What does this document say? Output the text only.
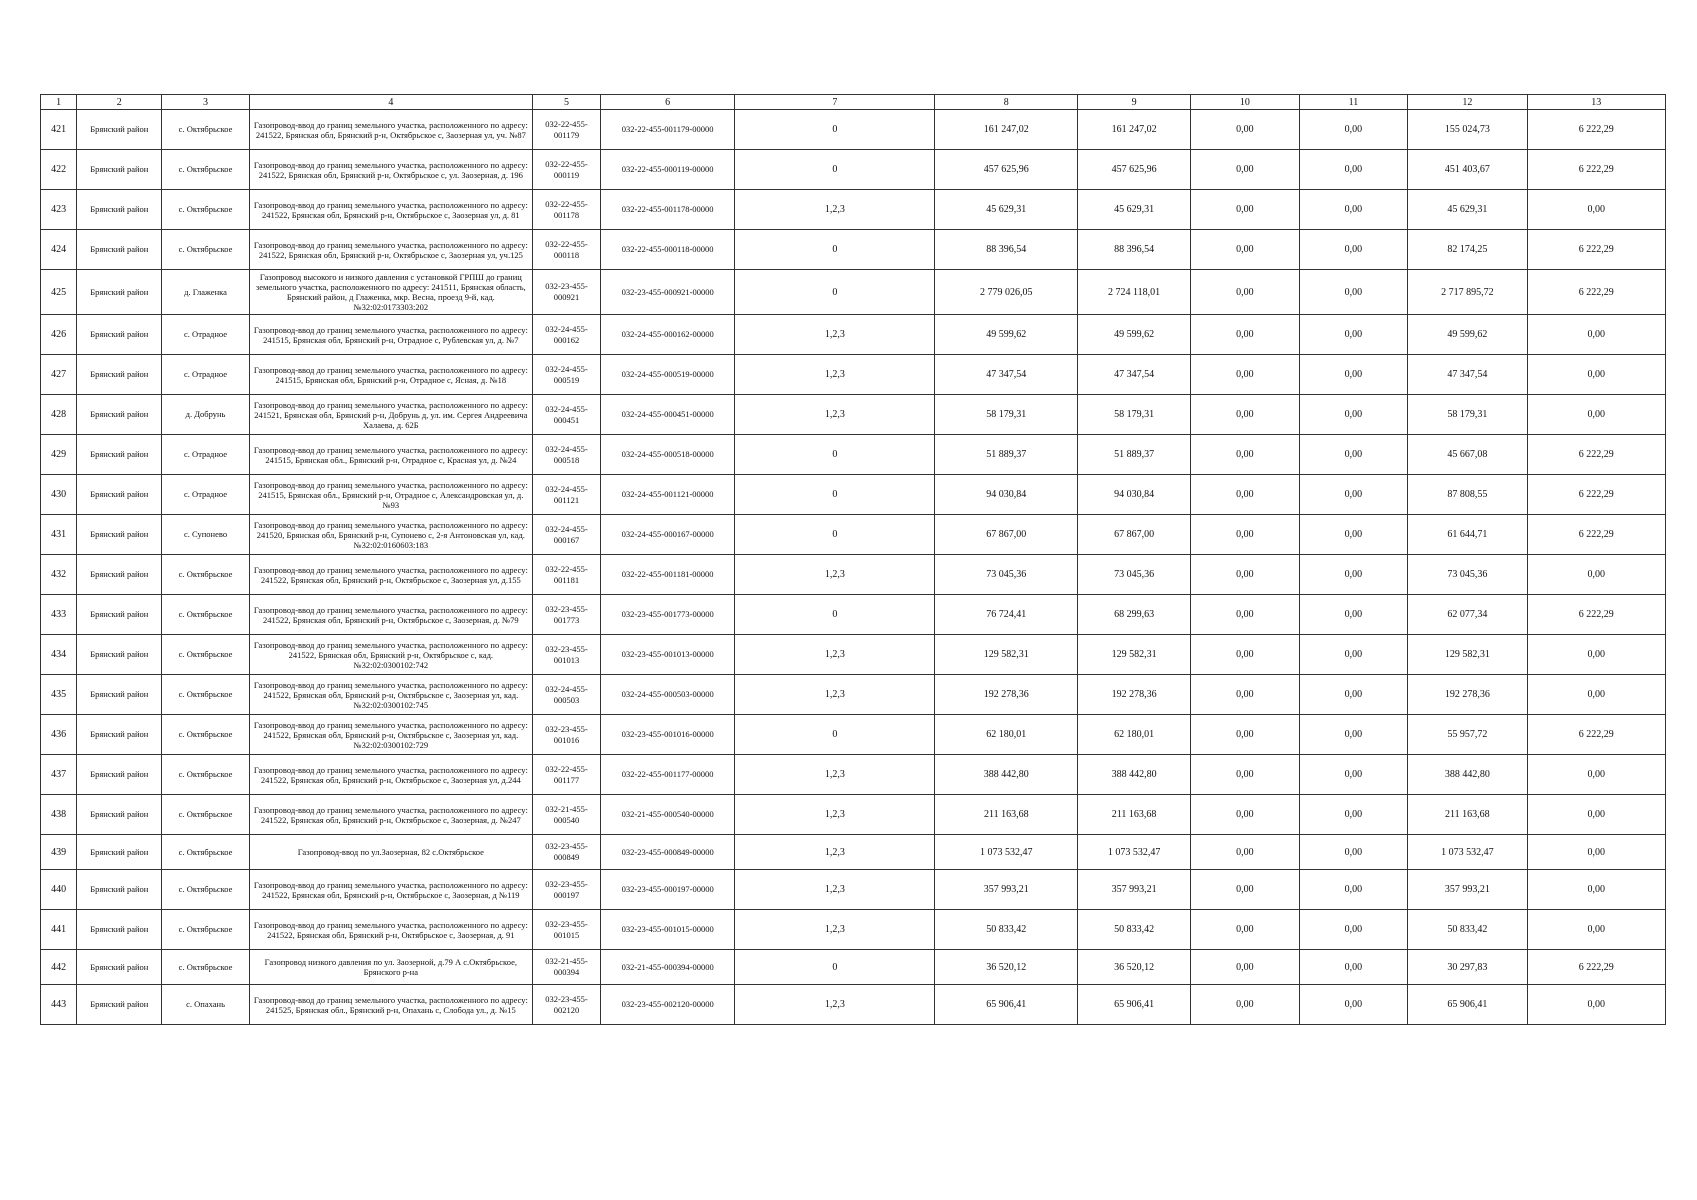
1	2	3	4	5	6	7	8	9	10	11	12	13
421	Брянский район	с. Октябрьское	Газопровод-ввод до границ земельного участка, расположенного по адресу: 241522, Брянская обл, Брянский р-н, Октябрьское с, Заозерная ул, уч. №87	032-22-455-001179	032-22-455-001179-00000	0	161 247,02	161 247,02	0,00	0,00	155 024,73	6 222,29
422	Брянский район	с. Октябрьское	Газопровод-ввод до границ земельного участка, расположенного по адресу: 241522, Брянская обл, Брянский р-н, Октябрьское с, ул. Заозерная, д. 196	032-22-455-000119	032-22-455-000119-00000	0	457 625,96	457 625,96	0,00	0,00	451 403,67	6 222,29
423	Брянский район	с. Октябрьское	Газопровод-ввод до границ земельного участка, расположенного по адресу: 241522, Брянская обл, Брянский р-н, Октябрьское с, Заозерная ул, д. 81	032-22-455-001178	032-22-455-001178-00000	1,2,3	45 629,31	45 629,31	0,00	0,00	45 629,31	0,00
424	Брянский район	с. Октябрьское	Газопровод-ввод до границ земельного участка, расположенного по адресу: 241522, Брянская обл, Брянский р-н, Октябрьское с, Заозерная ул, уч.125	032-22-455-000118	032-22-455-000118-00000	0	88 396,54	88 396,54	0,00	0,00	82 174,25	6 222,29
425	Брянский район	д. Глаженка	Газопровод высокого и низкого давления с установкой ГРПШ до границ земельного участка, расположенного по адресу: 241511, Брянская область, Брянский район, д Глаженка, мкр. Весна, проезд 9-й, кад. №32:02:0173303:202	032-23-455-000921	032-23-455-000921-00000	0	2 779 026,05	2 724 118,01	0,00	0,00	2 717 895,72	6 222,29
426	Брянский район	с. Отрадное	Газопровод-ввод до границ земельного участка, расположенного по адресу: 241515, Брянская обл, Брянский р-н, Отрадное с, Рублевская ул, д. №7	032-24-455-000162	032-24-455-000162-00000	1,2,3	49 599,62	49 599,62	0,00	0,00	49 599,62	0,00
427	Брянский район	с. Отрадное	Газопровод-ввод до границ земельного участка, расположенного по адресу: 241515, Брянская обл, Брянский р-н, Отрадное с, Ясная, д. №18	032-24-455-000519	032-24-455-000519-00000	1,2,3	47 347,54	47 347,54	0,00	0,00	47 347,54	0,00
428	Брянский район	д. Добрунь	Газопровод-ввод до границ земельного участка, расположенного по адресу: 241521, Брянская обл, Брянский р-н, Добрунь д, ул. им. Сергея Андреевича Халаева, д. 62Б	032-24-455-000451	032-24-455-000451-00000	1,2,3	58 179,31	58 179,31	0,00	0,00	58 179,31	0,00
429	Брянский район	с. Отрадное	Газопровод-ввод до границ земельного участка, расположенного по адресу: 241515, Брянская обл., Брянский р-н, Отрадное с, Красная ул, д. №24	032-24-455-000518	032-24-455-000518-00000	0	51 889,37	51 889,37	0,00	0,00	45 667,08	6 222,29
430	Брянский район	с. Отрадное	Газопровод-ввод до границ земельного участка, расположенного по адресу: 241515, Брянская обл., Брянский р-н, Отрадное с, Александровская ул, д. №93	032-24-455-001121	032-24-455-001121-00000	0	94 030,84	94 030,84	0,00	0,00	87 808,55	6 222,29
431	Брянский район	с. Супонево	Газопровод-ввод до границ земельного участка, расположенного по адресу: 241520, Брянская обл, Брянский р-н, Супонево с, 2-я Антоновская ул, кад. №32:02:0160603:183	032-24-455-000167	032-24-455-000167-00000	0	67 867,00	67 867,00	0,00	0,00	61 644,71	6 222,29
432	Брянский район	с. Октябрьское	Газопровод-ввод до границ земельного участка, расположенного по адресу: 241522, Брянская обл, Брянский р-н, Октябрьское с, Заозерная ул, д.155	032-22-455-001181	032-22-455-001181-00000	1,2,3	73 045,36	73 045,36	0,00	0,00	73 045,36	0,00
433	Брянский район	с. Октябрьское	Газопровод-ввод до границ земельного участка, расположенного по адресу: 241522, Брянская обл, Брянский р-н, Октябрьское с, Заозерная, д. №79	032-23-455-001773	032-23-455-001773-00000	0	76 724,41	68 299,63	0,00	0,00	62 077,34	6 222,29
434	Брянский район	с. Октябрьское	Газопровод-ввод до границ земельного участка, расположенного по адресу: 241522, Брянская обл, Брянский р-н, Октябрьское с, кад. №32:02:0300102:742	032-23-455-001013	032-23-455-001013-00000	1,2,3	129 582,31	129 582,31	0,00	0,00	129 582,31	0,00
435	Брянский район	с. Октябрьское	Газопровод-ввод до границ земельного участка, расположенного по адресу: 241522, Брянская обл, Брянский р-н, Октябрьское с, Заозерная ул, кад. №32:02:0300102:745	032-24-455-000503	032-24-455-000503-00000	1,2,3	192 278,36	192 278,36	0,00	0,00	192 278,36	0,00
436	Брянский район	с. Октябрьское	Газопровод-ввод до границ земельного участка, расположенного по адресу: 241522, Брянская обл, Брянский р-н, Октябрьское с, Заозерная ул, кад. №32:02:0300102:729	032-23-455-001016	032-23-455-001016-00000	0	62 180,01	62 180,01	0,00	0,00	55 957,72	6 222,29
437	Брянский район	с. Октябрьское	Газопровод-ввод до границ земельного участка, расположенного по адресу: 241522, Брянская обл, Брянский р-н, Октябрьское с, Заозерная ул, д.244	032-22-455-001177	032-22-455-001177-00000	1,2,3	388 442,80	388 442,80	0,00	0,00	388 442,80	0,00
438	Брянский район	с. Октябрьское	Газопровод-ввод до границ земельного участка, расположенного по адресу: 241522, Брянская обл, Брянский р-н, Октябрьское с, Заозерная, д. №247	032-21-455-000540	032-21-455-000540-00000	1,2,3	211 163,68	211 163,68	0,00	0,00	211 163,68	0,00
439	Брянский район	с. Октябрьское	Газопровод-ввод по ул.Заозерная, 82 с.Октябрьское	032-23-455-000849	032-23-455-000849-00000	1,2,3	1 073 532,47	1 073 532,47	0,00	0,00	1 073 532,47	0,00
440	Брянский район	с. Октябрьское	Газопровод-ввод до границ земельного участка, расположенного по адресу: 241522, Брянская обл, Брянский р-н, Октябрьское с, Заозерная, д №119	032-23-455-000197	032-23-455-000197-00000	1,2,3	357 993,21	357 993,21	0,00	0,00	357 993,21	0,00
441	Брянский район	с. Октябрьское	Газопровод-ввод до границ земельного участка, расположенного по адресу: 241522, Брянская обл, Брянский р-н, Октябрьское с, Заозерная, д. 91	032-23-455-001015	032-23-455-001015-00000	1,2,3	50 833,42	50 833,42	0,00	0,00	50 833,42	0,00
442	Брянский район	с. Октябрьское	Газопровод низкого давления по ул. Заозерной, д.79 А с.Октябрьское, Брянского р-на	032-21-455-000394	032-21-455-000394-00000	0	36 520,12	36 520,12	0,00	0,00	30 297,83	6 222,29
443	Брянский район	с. Опахань	Газопровод-ввод до границ земельного участка, расположенного по адресу: 241525, Брянская обл., Брянский р-н, Опахань с, Слобода ул., д. №15	032-23-455-002120	032-23-455-002120-00000	1,2,3	65 906,41	65 906,41	0,00	0,00	65 906,41	0,00
